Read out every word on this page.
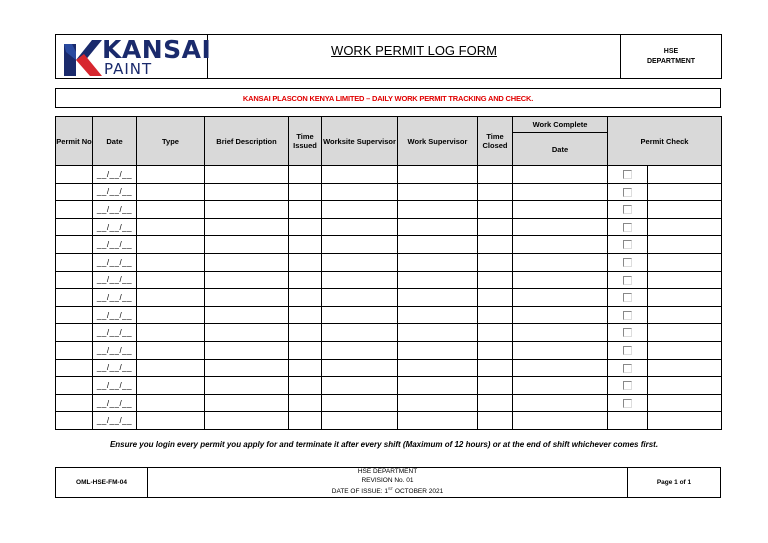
KANSAI
PAINT
WORK PERMIT LOG FORM	HSE
DEPARTMENT
KANSAI PLASCON KENYA LIMITED – DAILY WORK PERMIT TRACKING AND CHECK.
Permit No	Date	Type	Brief Description	Time Issued	Worksite Supervisor	Work Supervisor	Time Closed	Work Complete	Permit Check	
								Date		
	__/__/__									
	__/__/__									
	__/__/__									
	__/__/__									
	__/__/__									
	__/__/__									
	__/__/__									
	__/__/__									
	__/__/__									
	__/__/__									
	__/__/__									
	__/__/__									
	__/__/__									
	__/__/__									
	__/__/__									
Ensure you login every permit you apply for and terminate it after every shift (Maximum of 12 hours) or at the end of shift whichever comes first.
OML-HSE-FM-04
HSE DEPARTMENT
REVISION No. 01
DATE OF ISSUE: 1ST OCTOBER 2021
Page 1 of 1
